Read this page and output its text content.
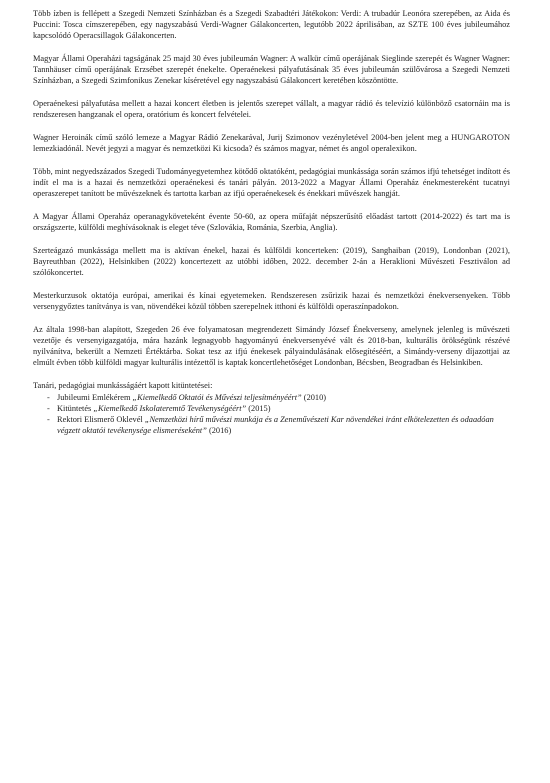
Több ízben is fellépett a Szegedi Nemzeti Színházban és a Szegedi Szabadtéri Játékokon: Verdi: A trubadúr Leonóra szerepében, az Aida és Puccini: Tosca címszerepében, egy nagyszabású Verdi-Wagner Gálakoncerten, legutóbb 2022 áprilisában, az SZTE 100 éves jubileumához kapcsolódó Operacsillagok Gálakoncerten.

Magyar Állami Operaházi tagságának 25 majd 30 éves jubileumán Wagner: A walkür című operájának Sieglinde szerepét és Wagner Wagner: Tannhäuser című operájának Erzsébet szerepét énekelte. Operaénekesi pályafutásának 35 éves jubileumán szülővárosa a Szegedi Nemzeti Színházban, a Szegedi Szimfonikus Zenekar kíséretével egy nagyszabású Gálakoncert keretében köszöntötte.

Operaénekesi pályafutása mellett a hazai koncert életben is jelentős szerepet vállalt, a magyar rádió és televízió különböző csatornáin ma is rendszeresen hangzanak el opera, oratórium és koncert felvételei.

Wagner Heroinák című szóló lemeze a Magyar Rádió Zenekarával, Jurij Szimonov vezényletével 2004-ben jelent meg a HUNGAROTON lemezkiadónál. Nevét jegyzi a magyar és nemzetközi Ki kicsoda? és számos magyar, német és angol operalexikon.

Több, mint negyedszázados Szegedi Tudományegyetemhez kötődő oktatóként, pedagógiai munkássága során számos ifjú tehetséget indított és indít el ma is a hazai és nemzetközi operaénekesi és tanári pályán. 2013-2022 a Magyar Állami Operaház énekmestereként tucatnyi operaszerepet tanított be művészeknek és tartotta karban az ifjú operaénekesek és énekkari művészek hangját.

A Magyar Állami Operaház operanagyköveteként évente 50-60, az opera műfaját népszerűsítő előadást tartott (2014-2022) és tart ma is országszerte, külföldi meghívásoknak is eleget téve (Szlovákia, Románia, Szerbia, Anglia).

Szerteágazó munkássága mellett ma is aktívan énekel, hazai és külföldi koncerteken: (2019), Sanghaiban (2019), Londonban (2021), Bayreuthban (2022), Helsinkiben (2022) koncertezett az utóbbi időben, 2022. december 2-án a Heraklioni Művészeti Fesztiválon ad szólókoncertet.

Mesterkurzusok oktatója európai, amerikai és kínai egyetemeken. Rendszeresen zsűrizik hazai és nemzetközi énekversenyeken. Több versenygyőztes tanítványa is van, növendékei közül többen szerepelnek itthoni és külföldi operaszínpadokon.

Az általa 1998-ban alapított, Szegeden 26 éve folyamatosan megrendezett Simándy József Énekverseny, amelynek jelenleg is művészeti vezetője és versenyigazgatója, mára hazánk legnagyobb hagyományú énekversenyévé vált és 2018-ban, kulturális örökségünk részévé nyilvánítva, bekerült a Nemzeti Értéktárba. Sokat tesz az ifjú énekesek pályaindulásának elősegítéséért, a Simándy-verseny díjazottjai az elmúlt évben több külföldi magyar kulturális intézettől is kaptak koncertlehetőséget Londonban, Bécsben, Beogradban és Helsinkiben.

Tanári, pedagógiai munkásságáért kapott kitüntetései:

- Jubileumi Emlékérem „Kiemelkedő Oktatói és Művészi teljesítményéért” (2010)
- Kitüntetés „Kiemelkedő Iskolateremtő Tevékenységéért” (2015)
- Rektori Elismerő Oklevél „Nemzetközi hírű művészi munkája és a Zeneművészeti Kar növendékei iránt elkötelezetten és odaadóan végzett oktatói tevékenysége elismeréseként” (2016)
